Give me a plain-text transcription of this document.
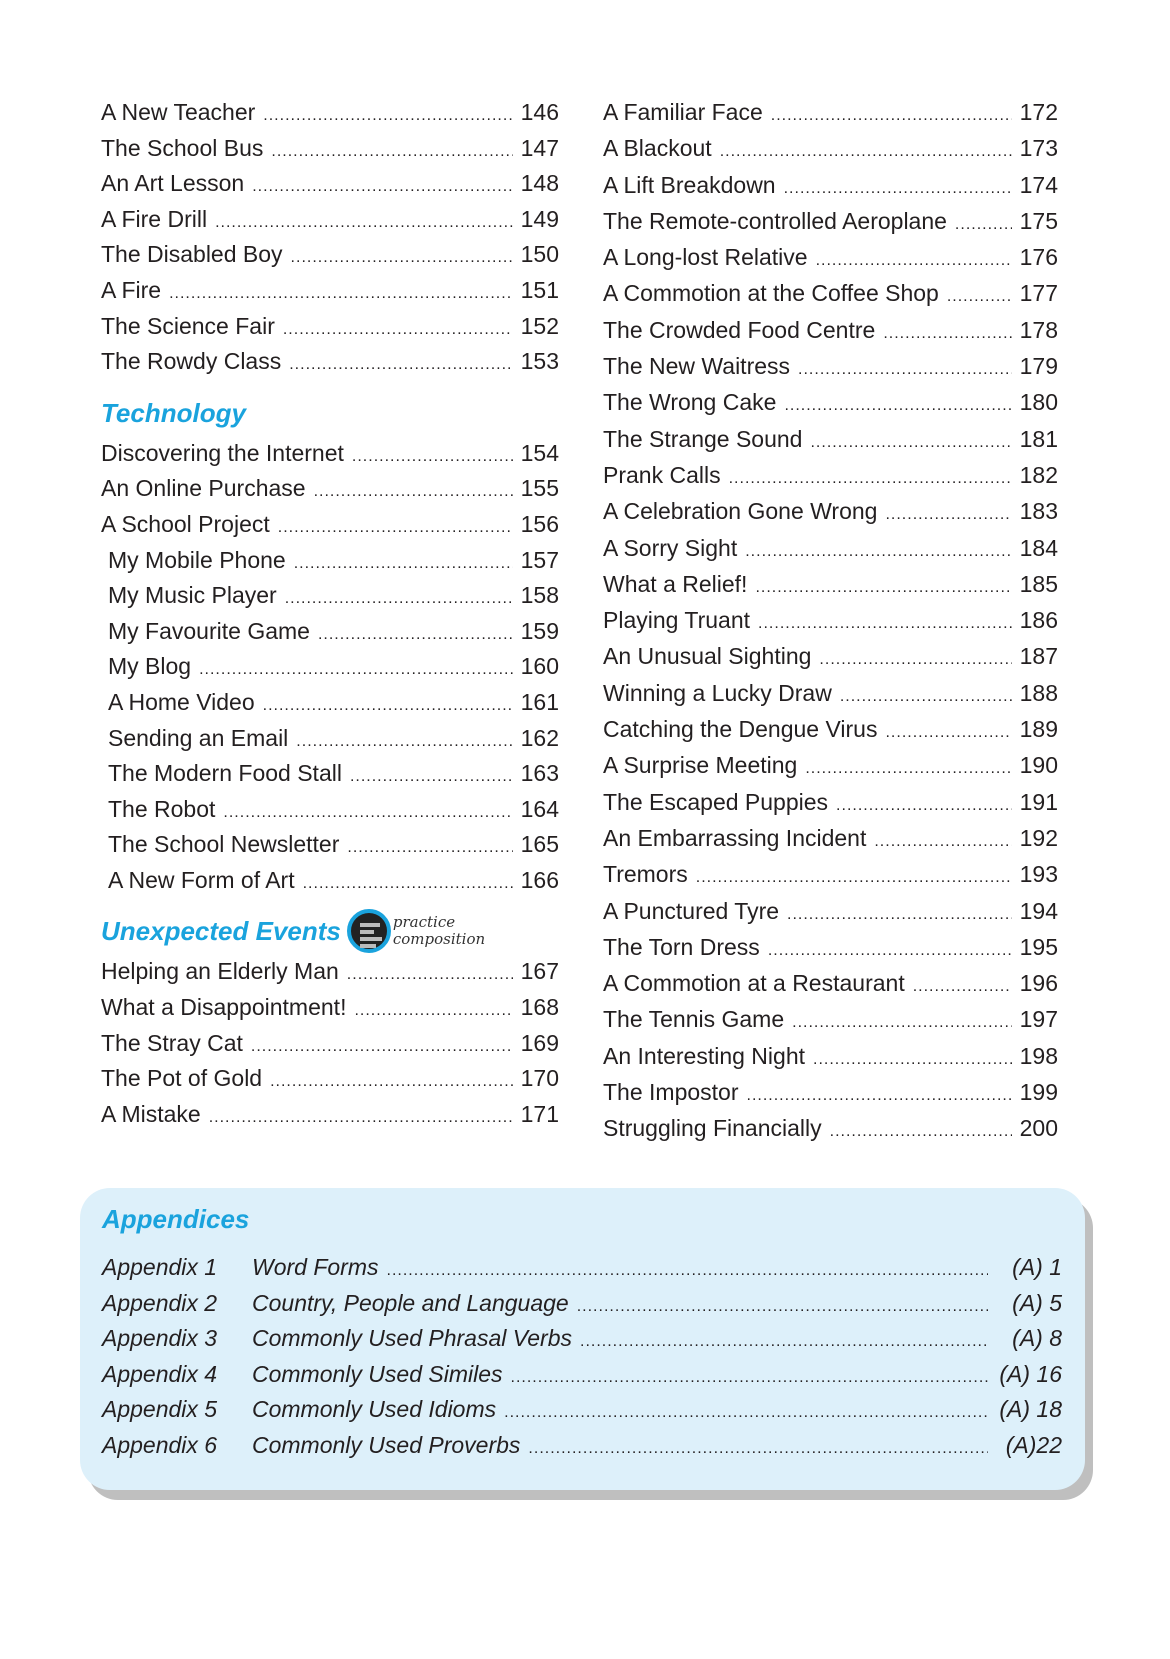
A New Teacher .....	146
The School Bus .....	147
An Art Lesson .....	148
A Fire Drill .....	149
The Disabled Boy .....	150
A Fire .....	151
The Science Fair .....	152
The Rowdy Class .....	153
Technology
Discovering the Internet .....	154
An Online Purchase .....	155
A School Project .....	156
My Mobile Phone .....	157
My Music Player .....	158
My Favourite Game .....	159
My Blog .....	160
A Home Video .....	161
Sending an Email .....	162
The Modern Food Stall .....	163
The Robot .....	164
The School Newsletter .....	165
A New Form of Art .....	166
Unexpected Events	practice
composition
Helping an Elderly Man .....	167
What a Disappointment! .....	168
The Stray Cat .....	169
The Pot of Gold .....	170
A Mistake .....	171
A Familiar Face .....	172
A Blackout .....	173
A Lift Breakdown .....	174
The Remote-controlled Aeroplane .....	175
A Long-lost Relative .....	176
A Commotion at the Coffee Shop .....	177
The Crowded Food Centre .....	178
The New Waitress .....	179
The Wrong Cake .....	180
The Strange Sound .....	181
Prank Calls .....	182
A Celebration Gone Wrong .....	183
A Sorry Sight .....	184
What a Relief! .....	185
Playing Truant .....	186
An Unusual Sighting .....	187
Winning a Lucky Draw .....	188
Catching the Dengue Virus .....	189
A Surprise Meeting .....	190
The Escaped Puppies .....	191
An Embarrassing Incident .....	192
Tremors .....	193
A Punctured Tyre .....	194
The Torn Dress .....	195
A Commotion at a Restaurant .....	196
The Tennis Game .....	197
An Interesting Night .....	198
The Impostor .....	199
Struggling Financially .....	200
Appendices
Appendix 1	Word Forms .....	(A) 1
Appendix 2	Country, People and Language .....	(A) 5
Appendix 3	Commonly Used Phrasal Verbs .....	(A) 8
Appendix 4	Commonly Used Similes .....	(A) 16
Appendix 5	Commonly Used Idioms .....	(A) 18
Appendix 6	Commonly Used Proverbs .....	(A)22
